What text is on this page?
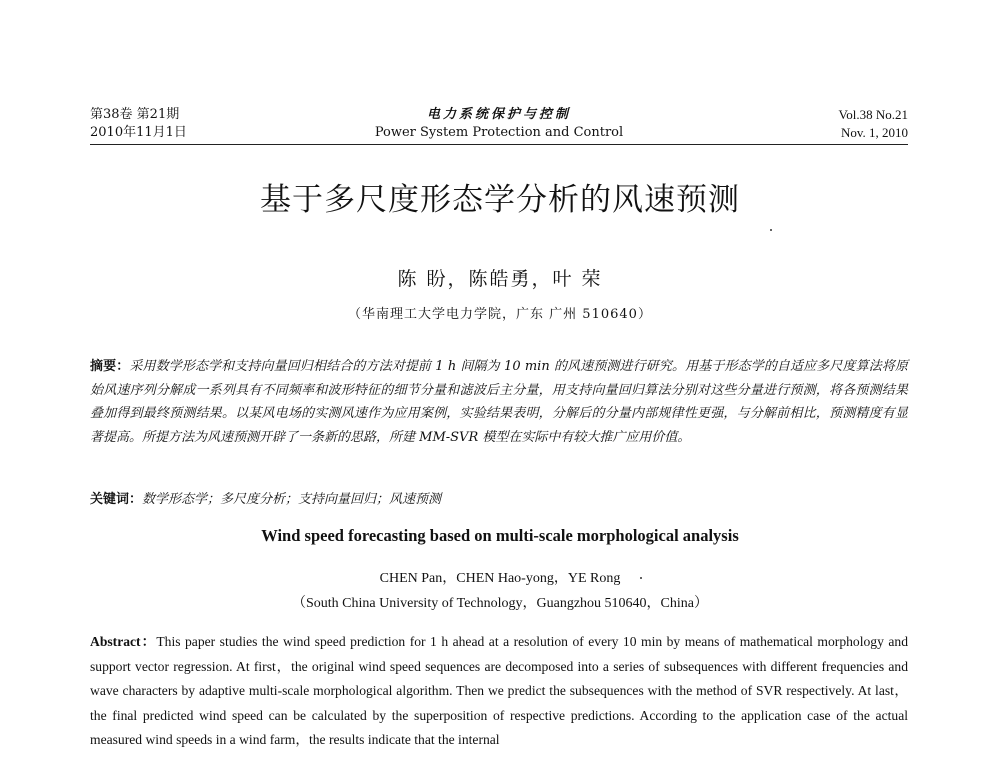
第38卷 第21期
2010年11月1日
电力系统保护与控制
Power System Protection and Control
Vol.38 No.21
Nov. 1, 2010
基于多尺度形态学分析的风速预测
陈 盼，陈皓勇，叶 荣
（华南理工大学电力学院，广东 广州 510640）
摘要：采用数学形态学和支持向量回归相结合的方法对提前 1 h 间隔为 10 min 的风速预测进行研究。用基于形态学的自适应多尺度算法将原始风速序列分解成一系列具有不同频率和波形特征的细节分量和滤波后主分量，用支持向量回归算法分别对这些分量进行预测，将各预测结果叠加得到最终预测结果。以某风电场的实测风速作为应用案例，实验结果表明，分解后的分量内部规律性更强，与分解前相比，预测精度有显著提高。所提方法为风速预测开辟了一条新的思路，所建 MM-SVR 模型在实际中有较大推广应用价值。
关键词：数学形态学；多尺度分析；支持向量回归；风速预测
Wind speed forecasting based on multi-scale morphological analysis
CHEN Pan，CHEN Hao-yong，YE Rong
（South China University of Technology，Guangzhou 510640，China）
Abstract：This paper studies the wind speed prediction for 1 h ahead at a resolution of every 10 min by means of mathematical morphology and support vector regression. At first，the original wind speed sequences are decomposed into a series of subsequences with different frequencies and wave characters by adaptive multi-scale morphological algorithm. Then we predict the subsequences with the method of SVR respectively. At last，the final predicted wind speed can be calculated by the superposition of respective predictions. According to the application case of the actual measured wind speeds in a wind farm，the results indicate that the internal
